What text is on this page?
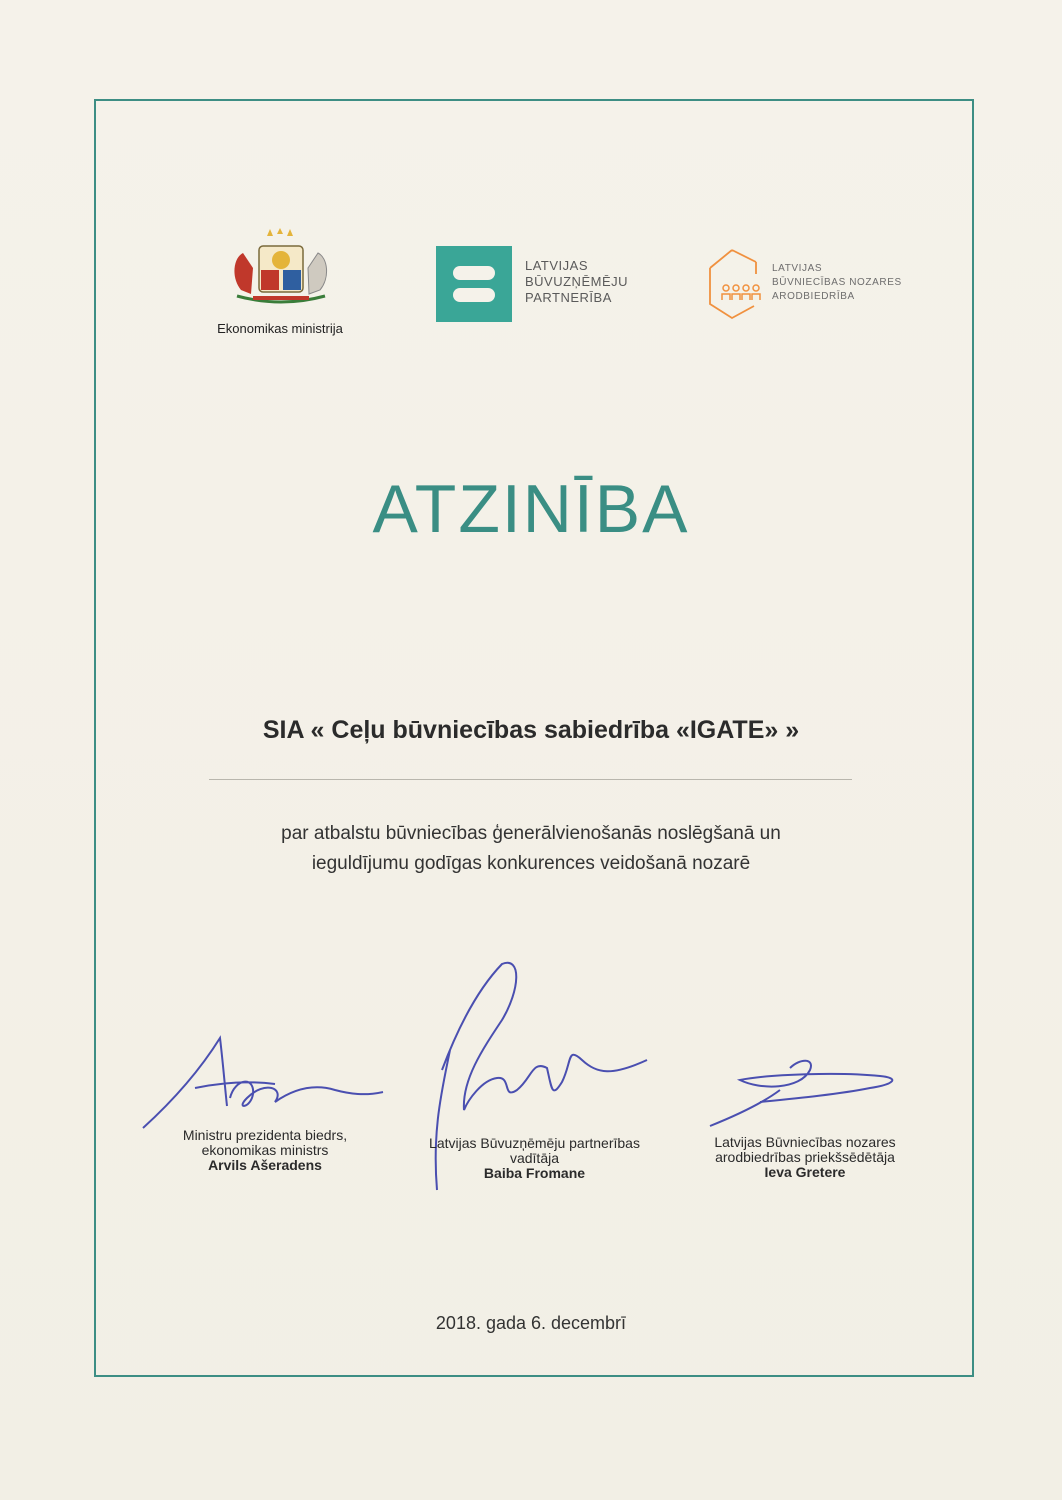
Ekonomikas ministrija
LATVIJAS
BŪVUZŅĒMĒJU
PARTNERĪBA
LATVIJAS
BŪVNIECĪBAS NOZARES
ARODBIEDRĪBA
ATZINĪBA
SIA « Ceļu būvniecības sabiedrība «IGATE» »
par atbalstu būvniecības ģenerālvienošanās noslēgšanā un
ieguldījumu godīgas konkurences veidošanā nozarē
Ministru prezidenta biedrs,
ekonomikas ministrs
Arvils Ašeradens
Latvijas Būvuzņēmēju partnerības
vadītāja
Baiba Fromane
Latvijas Būvniecības nozares
arodbiedrības priekšsēdētāja
Ieva Gretere
2018. gada 6. decembrī
